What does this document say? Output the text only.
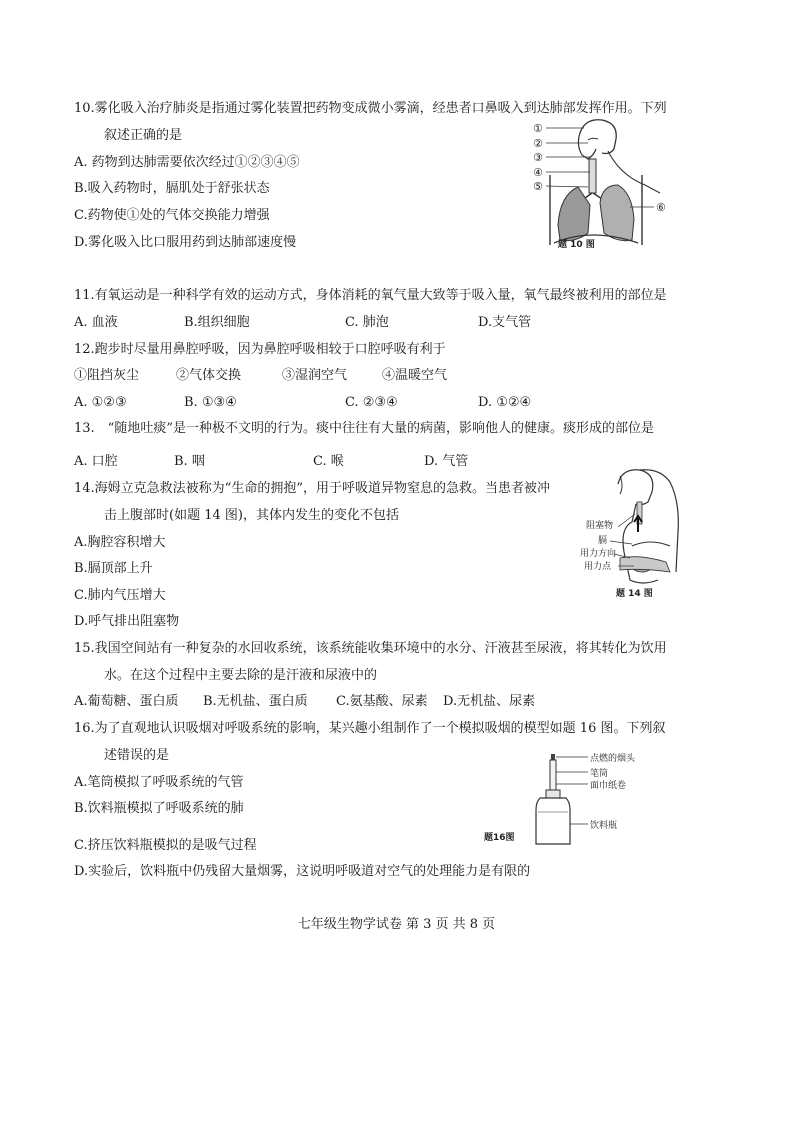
10.雾化吸入治疗肺炎是指通过雾化装置把药物变成微小雾滴，经患者口鼻吸入到达肺部发挥作用。下列
叙述正确的是
A. 药物到达肺需要依次经过①②③④⑤
B.吸入药物时，膈肌处于舒张状态
C.药物使①处的气体交换能力增强
D.雾化吸入比口服用药到达肺部速度慢
①
②
③
④
⑤
⑥
题 10 图
11.有氧运动是一种科学有效的运动方式，身体消耗的氧气量大致等于吸入量，氧气最终被利用的部位是
A. 血液	B.组织细胞	C. 肺泡	D.支气管
12.跑步时尽量用鼻腔呼吸，因为鼻腔呼吸相较于口腔呼吸有利于
①阻挡灰尘	②气体交换	③湿润空气	④温暖空气
A. ①②③	B. ①③④	C. ②③④	D. ①②④
13.　“随地吐痰”是一种极不文明的行为。痰中往往有大量的病菌，影响他人的健康。痰形成的部位是
A. 口腔	B. 咽	C. 喉	D. 气管
14.海姆立克急救法被称为“生命的拥抱”，用于呼吸道异物窒息的急救。当患者被冲
击上腹部时(如题 14 图)，其体内发生的变化不包括
A.胸腔容积增大
B.膈顶部上升
C.肺内气压增大
D.呼气排出阻塞物
阻塞物
膈
用力方向
用力点
题 14 图
15.我国空间站有一种复杂的水回收系统，该系统能收集环境中的水分、汗液甚至尿液，将其转化为饮用
水。在这个过程中主要去除的是汗液和尿液中的
A.葡萄糖、蛋白质 B.无机盐、蛋白质 C.氨基酸、尿素 D.无机盐、尿素
16.为了直观地认识吸烟对呼吸系统的影响，某兴趣小组制作了一个模拟吸烟的模型如题 16 图。下列叙
述错误的是
A.笔筒模拟了呼吸系统的气管
B.饮料瓶模拟了呼吸系统的肺
C.挤压饮料瓶模拟的是吸气过程
D.实验后，饮料瓶中仍残留大量烟雾，这说明呼吸道对空气的处理能力是有限的
点燃的烟头
笔筒
面巾纸卷
饮料瓶
题16图
七年级生物学试卷 第 3 页 共 8 页
